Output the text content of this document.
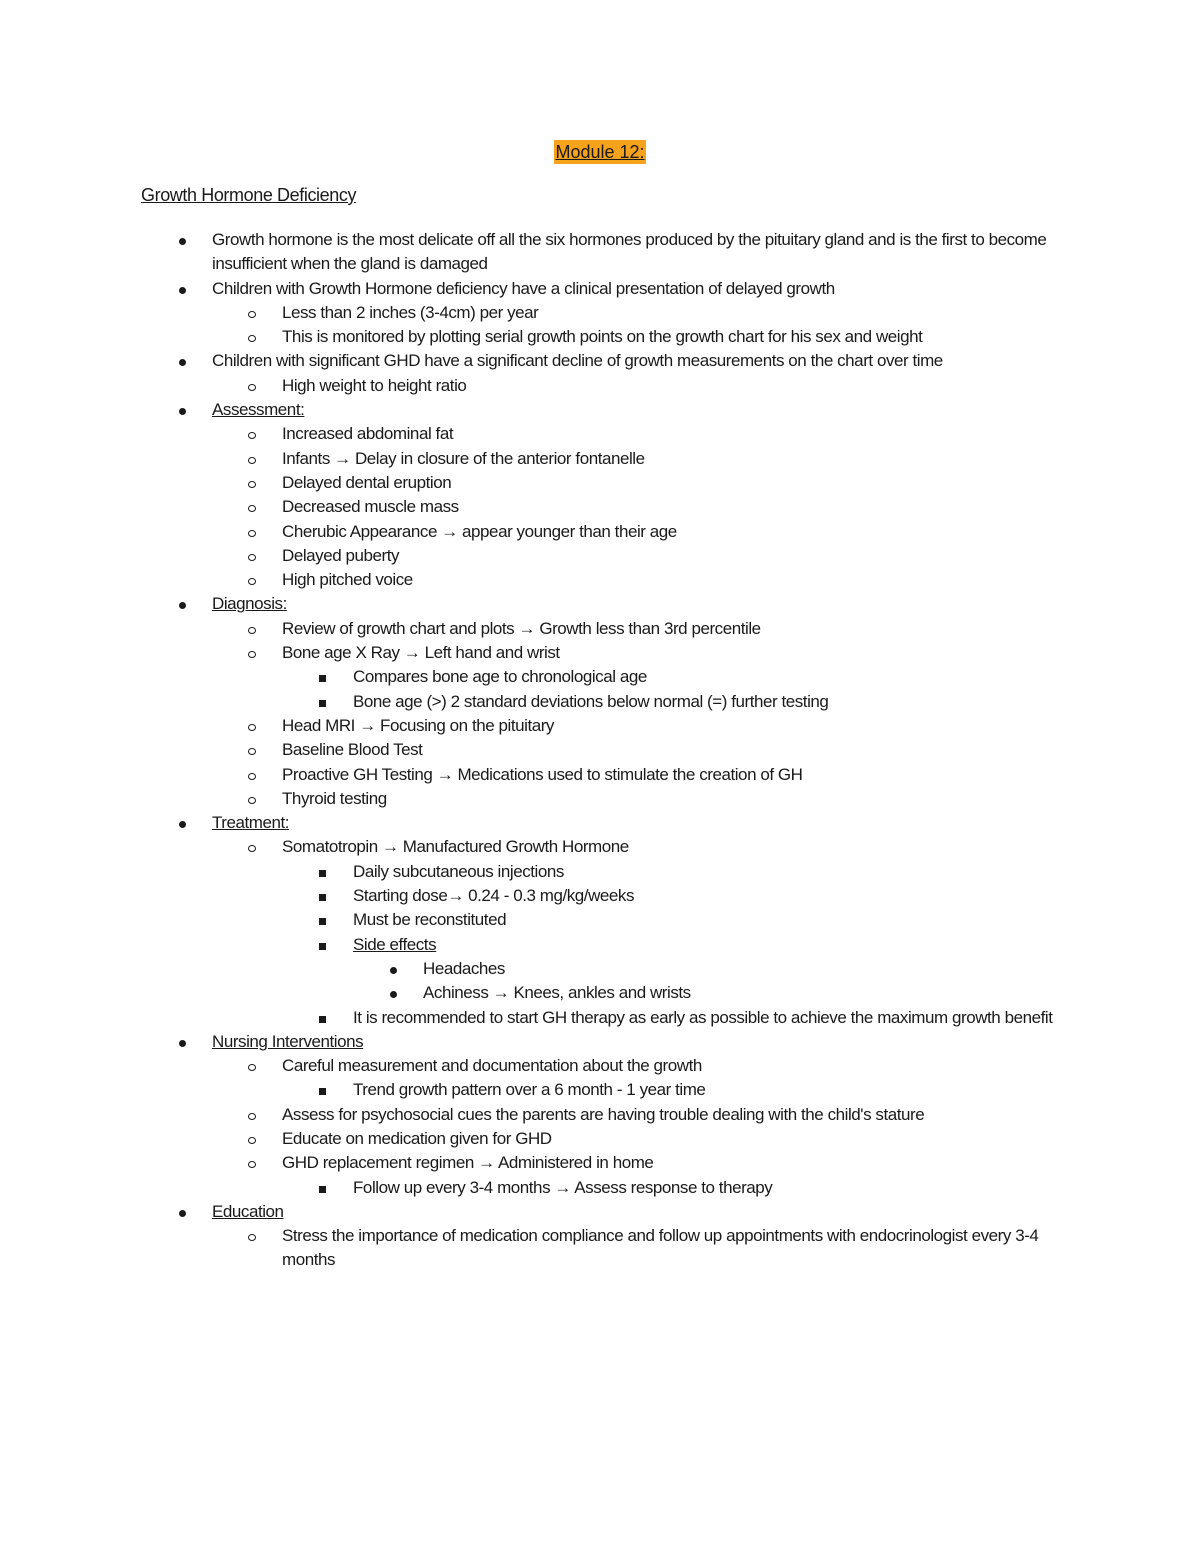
Module 12:
Growth Hormone Deficiency
Growth hormone is the most delicate off all the six hormones produced by the pituitary gland and is the first to become insufficient when the gland is damaged
Children with Growth Hormone deficiency have a clinical presentation of delayed growth
Less than 2 inches (3-4cm) per year
This is monitored by plotting serial growth points on the growth chart for his sex and weight
Children with significant GHD have a significant decline of growth measurements on the chart over time
High weight to height ratio
Assessment:
Increased abdominal fat
Infants → Delay in closure of the anterior fontanelle
Delayed dental eruption
Decreased muscle mass
Cherubic Appearance → appear younger than their age
Delayed puberty
High pitched voice
Diagnosis:
Review of growth chart and plots → Growth less than 3rd percentile
Bone age X Ray → Left hand and wrist
Compares bone age to chronological age
Bone age (>) 2 standard deviations below normal (=) further testing
Head MRI → Focusing on the pituitary
Baseline Blood Test
Proactive GH Testing → Medications used to stimulate the creation of GH
Thyroid testing
Treatment:
Somatotropin → Manufactured Growth Hormone
Daily subcutaneous injections
Starting dose→ 0.24 - 0.3 mg/kg/weeks
Must be reconstituted
Side effects
Headaches
Achiness → Knees, ankles and wrists
It is recommended to start GH therapy as early as possible to achieve the maximum growth benefit
Nursing Interventions
Careful measurement and documentation about the growth
Trend growth pattern over a 6 month - 1 year time
Assess for psychosocial cues the parents are having trouble dealing with the child's stature
Educate on medication given for GHD
GHD replacement regimen → Administered in home
Follow up every 3-4 months → Assess response to therapy
Education
Stress the importance of medication compliance and follow up appointments with endocrinologist every 3-4 months
